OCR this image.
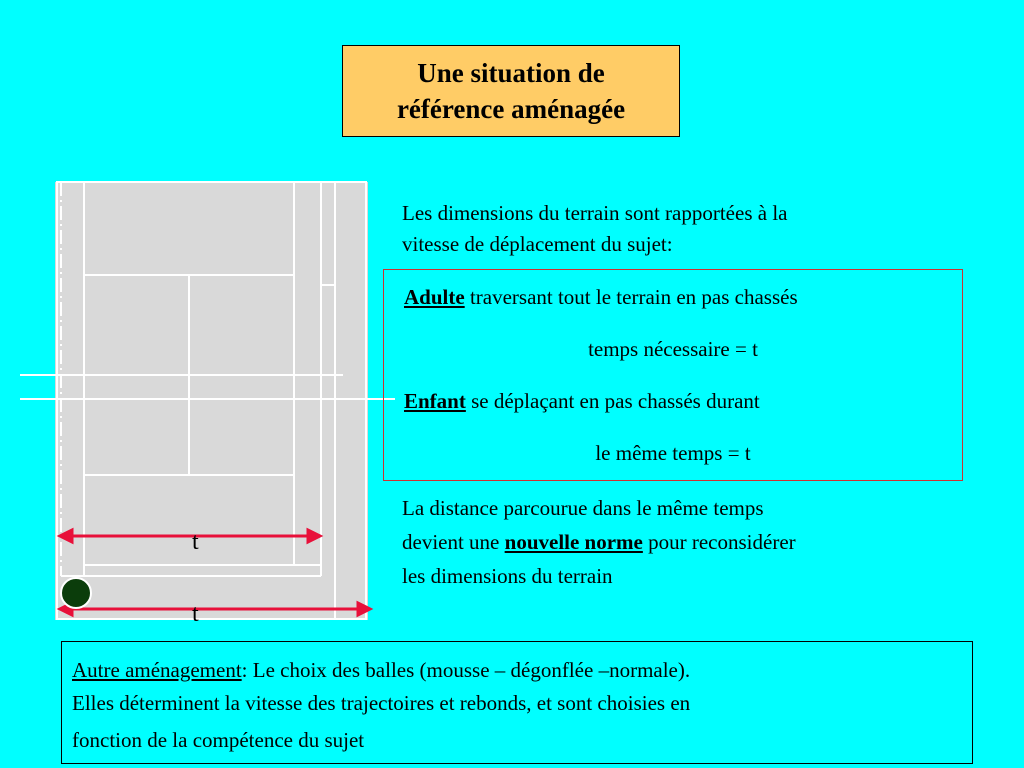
Une situation de
référence aménagée
t
t
Les dimensions du terrain sont rapportées à la
vitesse de déplacement du sujet:
Adulte traversant tout le terrain en pas chassés
temps nécessaire = t
Enfant se déplaçant en pas chassés durant
le même temps = t
La distance parcourue dans le même temps
devient une nouvelle norme pour reconsidérer
les dimensions du terrain
Autre aménagement: Le choix des balles (mousse – dégonflée –normale).
Elles déterminent la vitesse des trajectoires et rebonds, et sont choisies en
fonction de la compétence du sujet
